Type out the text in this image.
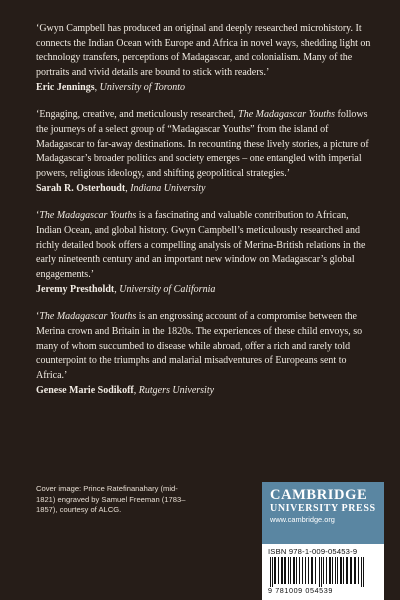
‘Gwyn Campbell has produced an original and deeply researched microhistory. It connects the Indian Ocean with Europe and Africa in novel ways, shedding light on technology transfers, perceptions of Madagascar, and colonialism. Many of the portraits and vivid details are bound to stick with readers.’

Eric Jennings, University of Toronto

‘Engaging, creative, and meticulously researched, The Madagascar Youths follows the journeys of a select group of “Madagascar Youths” from the island of Madagascar to far-away destinations. In recounting these lively stories, a picture of Madagascar’s broader politics and society emerges – one entangled with imperial powers, religious ideology, and shifting geopolitical strategies.’

Sarah R. Osterhoudt, Indiana University

‘The Madagascar Youths is a fascinating and valuable contribution to African, Indian Ocean, and global history. Gwyn Campbell’s meticulously researched and richly detailed book offers a compelling analysis of Merina-British relations in the early nineteenth century and an important new window on Madagascar’s global engagements.’

Jeremy Prestholdt, University of California

‘The Madagascar Youths is an engrossing account of a compromise between the Merina crown and Britain in the 1820s. The experiences of these child envoys, so many of whom succumbed to disease while abroad, offer a rich and rarely told counterpoint to the triumphs and malarial misadventures of Europeans sent to Africa.’

Genese Marie Sodikoff, Rutgers University
Cover image: Prince Ratefinanahary (mid-1821) engraved by Samuel Freeman (1783–1857), courtesy of ALCG.
CAMBRIDGE
UNIVERSITY PRESS
www.cambridge.org
ISBN 978-1-009-05453-9
9 781009 054539
